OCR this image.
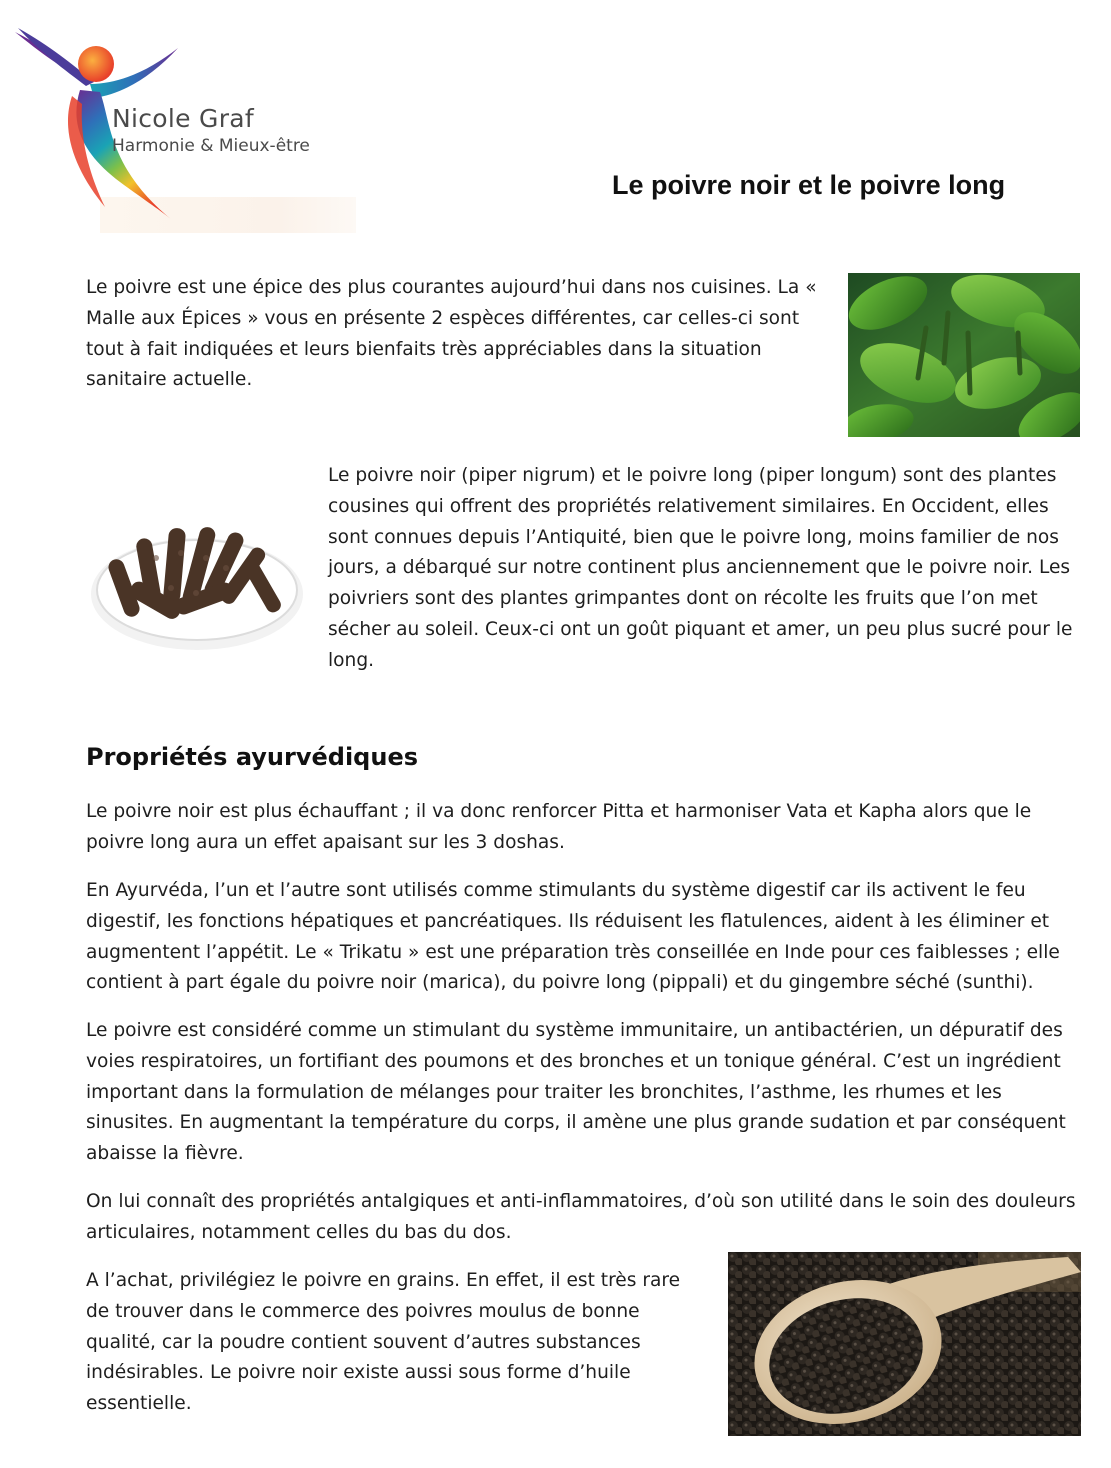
Nicole Graf
Harmonie & Mieux-être
Le poivre noir et le poivre long

Le poivre est une épice des plus courantes aujourd’hui dans nos cuisines. La « Malle aux Épices » vous en présente 2 espèces différentes, car celles-ci sont tout à fait indiquées et leurs bienfaits très appréciables dans la situation sanitaire actuelle.

Le poivre noir (piper nigrum) et le poivre long (piper longum) sont des plantes cousines qui offrent des propriétés relativement similaires. En Occident, elles sont connues depuis l’Antiquité, bien que le poivre long, moins familier de nos jours, a débarqué sur notre continent plus anciennement que le poivre noir. Les poivriers sont des plantes grimpantes dont on récolte les fruits que l’on met sécher au soleil. Ceux-ci ont un goût piquant et amer, un peu plus sucré pour le long.

Propriétés ayurvédiques

Le poivre noir est plus échauffant ; il va donc renforcer Pitta et harmoniser Vata et Kapha alors que le poivre long aura un effet apaisant sur les 3 doshas.

En Ayurvéda, l’un et l’autre sont utilisés comme stimulants du système digestif car ils activent le feu digestif, les fonctions hépatiques et pancréatiques. Ils réduisent les flatulences, aident à les éliminer et augmentent l’appétit. Le « Trikatu » est une préparation très conseillée en Inde pour ces faiblesses ; elle contient à part égale du poivre noir (marica), du poivre long (pippali) et du gingembre séché (sunthi).

Le poivre est considéré comme un stimulant du système immunitaire, un antibactérien, un dépuratif des voies respiratoires, un fortifiant des poumons et des bronches et un tonique général. C’est un ingrédient important dans la formulation de mélanges pour traiter les bronchites, l’asthme, les rhumes et les sinusites. En augmentant la température du corps, il amène une plus grande sudation et par conséquent abaisse la fièvre.

On lui connaît des propriétés antalgiques et anti-inflammatoires, d’où son utilité dans le soin des douleurs articulaires, notamment celles du bas du dos.

A l’achat, privilégiez le poivre en grains. En effet, il est très rare de trouver dans le commerce des poivres moulus de bonne qualité, car la poudre contient souvent d’autres substances indésirables. Le poivre noir existe aussi sous forme d’huile essentielle.
